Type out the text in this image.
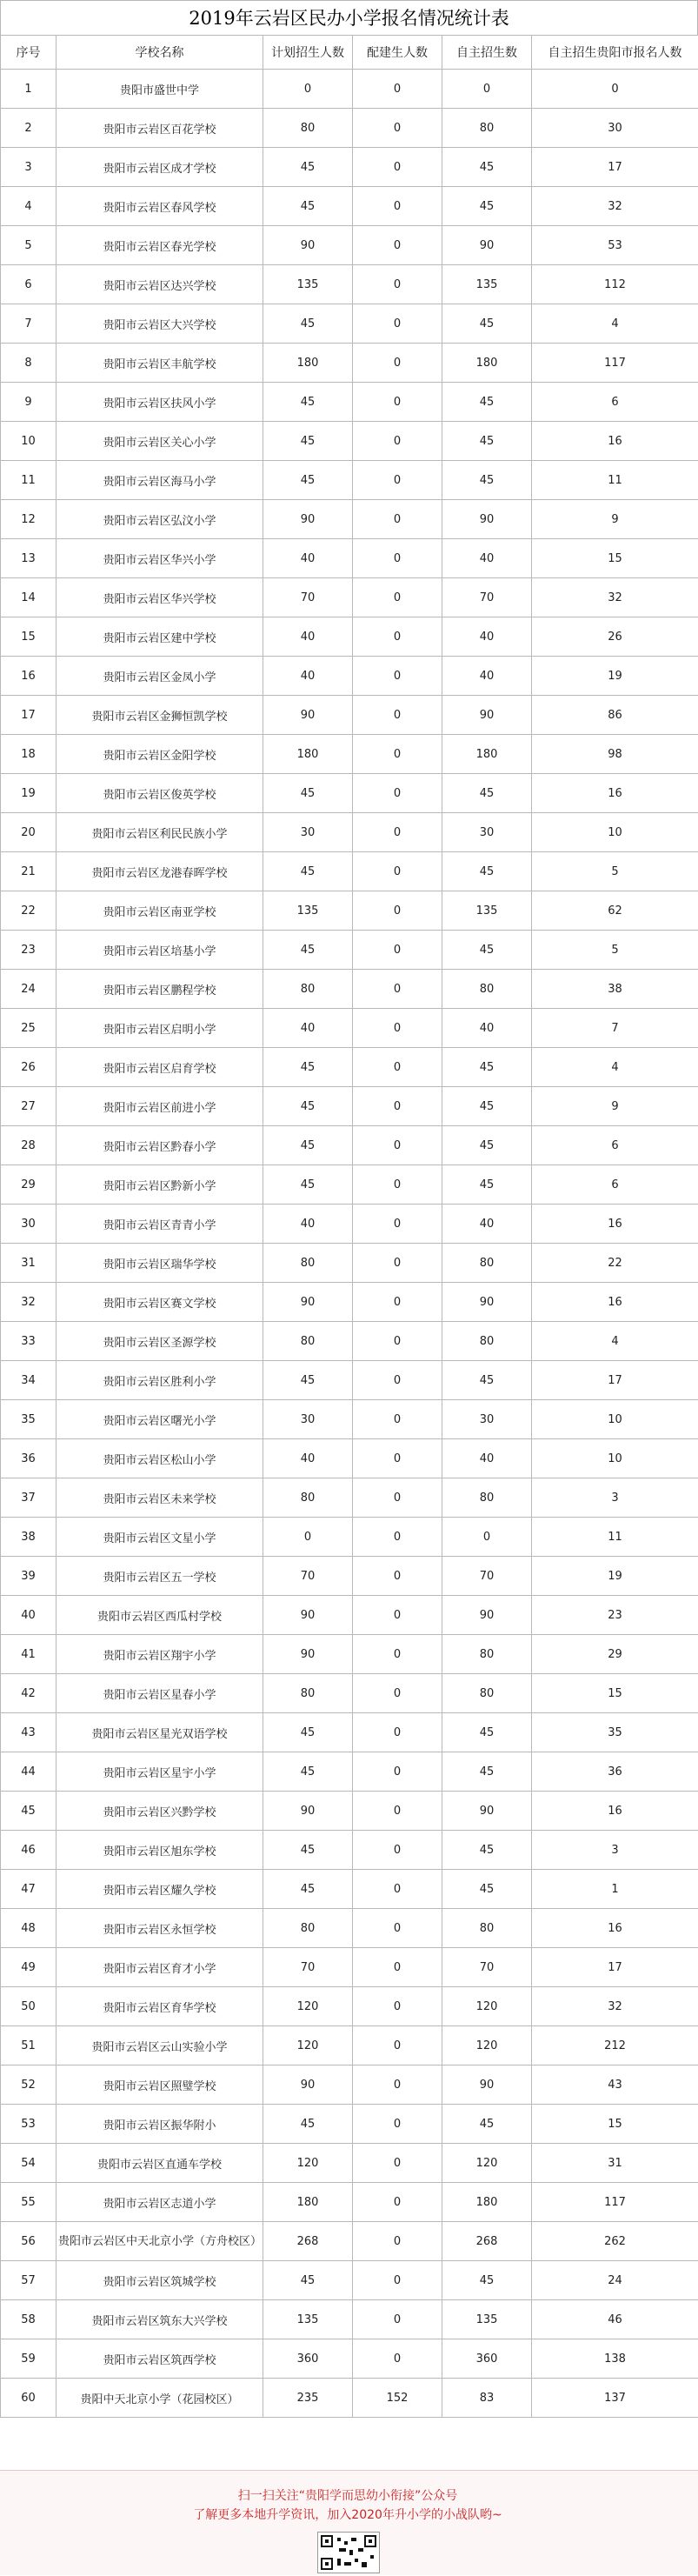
2019年云岩区民办小学报名情况统计表
序号	学校名称	计划招生人数	配建生人数	自主招生数	自主招生贵阳市报名人数
1	贵阳市盛世中学	0	0	0	0
2	贵阳市云岩区百花学校	80	0	80	30
3	贵阳市云岩区成才学校	45	0	45	17
4	贵阳市云岩区春风学校	45	0	45	32
5	贵阳市云岩区春光学校	90	0	90	53
6	贵阳市云岩区达兴学校	135	0	135	112
7	贵阳市云岩区大兴学校	45	0	45	4
8	贵阳市云岩区丰航学校	180	0	180	117
9	贵阳市云岩区扶风小学	45	0	45	6
10	贵阳市云岩区关心小学	45	0	45	16
11	贵阳市云岩区海马小学	45	0	45	11
12	贵阳市云岩区弘汶小学	90	0	90	9
13	贵阳市云岩区华兴小学	40	0	40	15
14	贵阳市云岩区华兴学校	70	0	70	32
15	贵阳市云岩区建中学校	40	0	40	26
16	贵阳市云岩区金凤小学	40	0	40	19
17	贵阳市云岩区金狮恒凯学校	90	0	90	86
18	贵阳市云岩区金阳学校	180	0	180	98
19	贵阳市云岩区俊英学校	45	0	45	16
20	贵阳市云岩区利民民族小学	30	0	30	10
21	贵阳市云岩区龙港春晖学校	45	0	45	5
22	贵阳市云岩区南亚学校	135	0	135	62
23	贵阳市云岩区培基小学	45	0	45	5
24	贵阳市云岩区鹏程学校	80	0	80	38
25	贵阳市云岩区启明小学	40	0	40	7
26	贵阳市云岩区启育学校	45	0	45	4
27	贵阳市云岩区前进小学	45	0	45	9
28	贵阳市云岩区黔春小学	45	0	45	6
29	贵阳市云岩区黔新小学	45	0	45	6
30	贵阳市云岩区青青小学	40	0	40	16
31	贵阳市云岩区瑞华学校	80	0	80	22
32	贵阳市云岩区赛文学校	90	0	90	16
33	贵阳市云岩区圣源学校	80	0	80	4
34	贵阳市云岩区胜利小学	45	0	45	17
35	贵阳市云岩区曙光小学	30	0	30	10
36	贵阳市云岩区松山小学	40	0	40	10
37	贵阳市云岩区未来学校	80	0	80	3
38	贵阳市云岩区文星小学	0	0	0	11
39	贵阳市云岩区五一学校	70	0	70	19
40	贵阳市云岩区西瓜村学校	90	0	90	23
41	贵阳市云岩区翔宇小学	90	0	80	29
42	贵阳市云岩区星春小学	80	0	80	15
43	贵阳市云岩区星光双语学校	45	0	45	35
44	贵阳市云岩区星宇小学	45	0	45	36
45	贵阳市云岩区兴黔学校	90	0	90	16
46	贵阳市云岩区旭东学校	45	0	45	3
47	贵阳市云岩区耀久学校	45	0	45	1
48	贵阳市云岩区永恒学校	80	0	80	16
49	贵阳市云岩区育才小学	70	0	70	17
50	贵阳市云岩区育华学校	120	0	120	32
51	贵阳市云岩区云山实验小学	120	0	120	212
52	贵阳市云岩区照璧学校	90	0	90	43
53	贵阳市云岩区振华附小	45	0	45	15
54	贵阳市云岩区直通车学校	120	0	120	31
55	贵阳市云岩区志道小学	180	0	180	117
56	贵阳市云岩区中天北京小学（方舟校区）	268	0	268	262
57	贵阳市云岩区筑城学校	45	0	45	24
58	贵阳市云岩区筑东大兴学校	135	0	135	46
59	贵阳市云岩区筑西学校	360	0	360	138
60	贵阳中天北京小学（花园校区）	235	152	83	137
扫一扫关注“贵阳学而思幼小衔接”公众号
了解更多本地升学资讯，加入2020年升小学的小战队哟~
